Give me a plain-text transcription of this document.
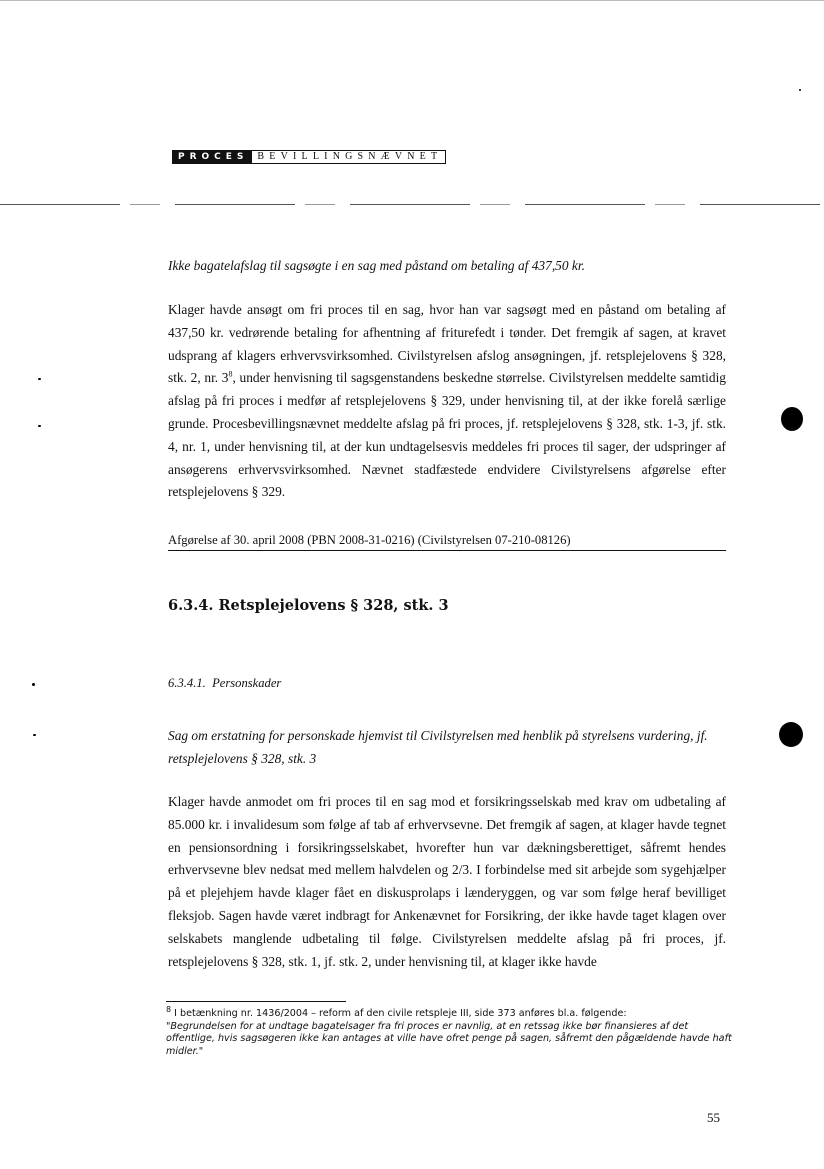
PROCES BEVILLINGSNÆVNET
Ikke bagatelafslag til sagsøgte i en sag med påstand om betaling af 437,50 kr.
Klager havde ansøgt om fri proces til en sag, hvor han var sagsøgt med en påstand om betaling af 437,50 kr. vedrørende betaling for afhentning af friturefedt i tønder. Det fremgik af sagen, at kravet udsprang af klagers erhvervsvirksomhed. Civilstyrelsen afslog ansøgningen, jf. retsplejelovens § 328, stk. 2, nr. $3^8$, under henvisning til sagsgenstandens beskedne størrelse. Civilstyrelsen meddelte samtidig afslag på fri proces i medfør af retsplejelovens § 329, under henvisning til, at der ikke forelå særlige grunde. Procesbevillingsnævnet meddelte afslag på fri proces, jf. retsplejelovens § 328, stk. 1-3, jf. stk. 4, nr. 1, under henvisning til, at der kun undtagelsesvis meddeles fri proces til sager, der udspringer af ansøgerens erhvervsvirksomhed. Nævnet stadfæstede endvidere Civilstyrelsens afgørelse efter retsplejelovens § 329.
Afgørelse af 30. april 2008 (PBN 2008-31-0216) (Civilstyrelsen 07-210-08126)
6.3.4. Retsplejelovens § 328, stk. 3
6.3.4.1.  Personskader
Sag om erstatning for personskade hjemvist til Civilstyrelsen med henblik på styrelsens vurdering, jf. retsplejelovens § 328, stk. 3
Klager havde anmodet om fri proces til en sag mod et forsikringsselskab med krav om udbetaling af 85.000 kr. i invalidesum som følge af tab af erhvervsevne. Det fremgik af sagen, at klager havde tegnet en pensionsordning i forsikringsselskabet, hvorefter hun var dækningsberettiget, såfremt hendes erhvervsevne blev nedsat med mellem halvdelen og 2/3. I forbindelse med sit arbejde som sygehjælper på et plejehjem havde klager fået en diskusprolaps i lænderyggen, og var som følge heraf bevilliget fleksjob. Sagen havde været indbragt for Ankenævnet for Forsikring, der ikke havde taget klagen over selskabets manglende udbetaling til følge. Civilstyrelsen meddelte afslag på fri proces, jf. retsplejelovens § 328, stk. 1, jf. stk. 2, under henvisning til, at klager ikke havde
$^8$ I betænkning nr. 1436/2004 – reform af den civile retspleje III, side 373 anføres bl.a. følgende:
"Begrundelsen for at undtage bagatelsager fra fri proces er navnlig, at en retssag ikke bør finansieres af det offentlige, hvis sagsøgeren ikke kan antages at ville have ofret penge på sagen, såfremt den pågældende havde haft midler."
55
